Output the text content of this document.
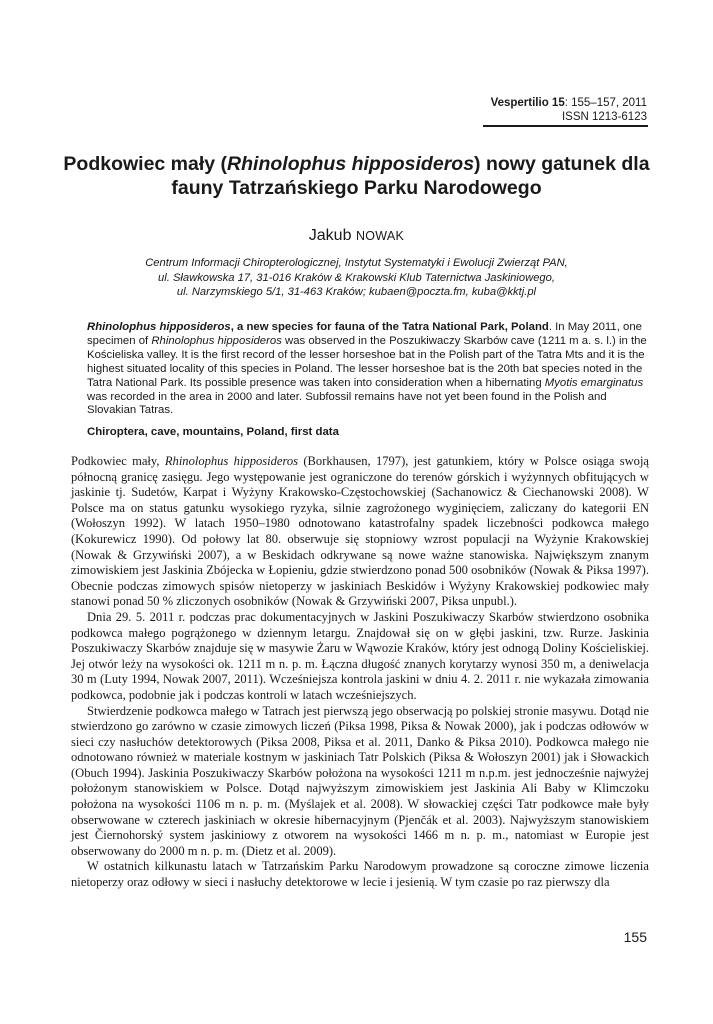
Vespertilio 15: 155–157, 2011
ISSN 1213-6123
Podkowiec mały (Rhinolophus hipposideros) nowy gatunek dla fauny Tatrzańskiego Parku Narodowego
Jakub NOWAK
Centrum Informacji Chiropterologicznej, Instytut Systematyki i Ewolucji Zwierząt PAN,
ul. Sławkowska 17, 31-016 Kraków & Krakowski Klub Taternictwa Jaskiniowego,
ul. Narzymskiego 5/1, 31-463 Kraków; kubaen@poczta.fm, kuba@kktj.pl

Rhinolophus hipposideros, a new species for fauna of the Tatra National Park, Poland. In May 2011, one specimen of Rhinolophus hipposideros was observed in the Poszukiwaczy Skarbów cave (1211 m a. s. l.) in the Kościeliska valley. It is the first record of the lesser horseshoe bat in the Polish part of the Tatra Mts and it is the highest situated locality of this species in Poland. The lesser horseshoe bat is the 20th bat species noted in the Tatra National Park. Its possible presence was taken into consideration when a hibernating Myotis emarginatus was recorded in the area in 2000 and later. Subfossil remains have not yet been found in the Polish and Slovakian Tatras.

Chiroptera, cave, mountains, Poland, first data

Podkowiec mały, Rhinolophus hipposideros (Borkhausen, 1797), jest gatunkiem, który w Polsce osiąga swoją północną granicę zasięgu. Jego występowanie jest ograniczone do terenów górskich i wyżynnych obfitujących w jaskinie tj. Sudetów, Karpat i Wyżyny Krakowsko-Częstochowskiej (Sachanowicz & Ciechanowski 2008). W Polsce ma on status gatunku wysokiego ryzyka, silnie zagrożonego wyginięciem, zaliczany do kategorii EN (Wołoszyn 1992). W latach 1950–1980 odnotowano katastrofalny spadek liczebności podkowca małego (Kokurewicz 1990). Od połowy lat 80. obserwuje się stopniowy wzrost populacji na Wyżynie Krakowskiej (Nowak & Grzywiński 2007), a w Beskidach odkrywane są nowe ważne stanowiska. Największym znanym zimowiskiem jest Jaskinia Zbójecka w Łopieniu, gdzie stwierdzono ponad 500 osobników (Nowak & Piksa 1997). Obecnie podczas zimowych spisów nietoperzy w jaskiniach Beskidów i Wyżyny Krakowskiej podkowiec mały stanowi ponad 50 % zliczonych osobników (Nowak & Grzywiński 2007, Piksa unpubl.).

Dnia 29. 5. 2011 r. podczas prac dokumentacyjnych w Jaskini Poszukiwaczy Skarbów stwierdzono osobnika podkowca małego pogrążonego w dziennym letargu. Znajdował się on w głębi jaskini, tzw. Rurze. Jaskinia Poszukiwaczy Skarbów znajduje się w masywie Żaru w Wąwozie Kraków, który jest odnogą Doliny Kościeliskiej. Jej otwór leży na wysokości ok. 1211 m n. p. m. Łączna długość znanych korytarzy wynosi 350 m, a deniwelacja 30 m (Luty 1994, Nowak 2007, 2011). Wcześniejsza kontrola jaskini w dniu 4. 2. 2011 r. nie wykazała zimowania podkowca, podobnie jak i podczas kontroli w latach wcześniejszych.

Stwierdzenie podkowca małego w Tatrach jest pierwszą jego obserwacją po polskiej stronie masywu. Dotąd nie stwierdzono go zarówno w czasie zimowych liczeń (Piksa 1998, Piksa & Nowak 2000), jak i podczas odłowów w sieci czy nasłuchów detektorowych (Piksa 2008, Piksa et al. 2011, Danko & Piksa 2010). Podkowca małego nie odnotowano również w materiale kostnym w jaskiniach Tatr Polskich (Piksa & Wołoszyn 2001) jak i Słowackich (Obuch 1994). Jaskinia Poszukiwaczy Skarbów położona na wysokości 1211 m n.p.m. jest jednocześnie najwyżej położonym stanowiskiem w Polsce. Dotąd najwyższym zimowiskiem jest Jaskinia Ali Baby w Klimczoku położona na wysokości 1106 m n. p. m. (Myślajek et al. 2008). W słowackiej części Tatr podkowce małe były obserwowane w czterech jaskiniach w okresie hibernacyjnym (Pjenčák et al. 2003). Najwyższym stanowiskiem jest Čiernohorský system jaskiniowy z otworem na wysokości 1466 m n. p. m., natomiast w Europie jest obserwowany do 2000 m n. p. m. (Dietz et al. 2009).

W ostatnich kilkunastu latach w Tatrzańskim Parku Narodowym prowadzone są coroczne zimowe liczenia nietoperzy oraz odłowy w sieci i nasłuchy detektorowe w lecie i jesienią. W tym czasie po raz pierwszy dla

155
